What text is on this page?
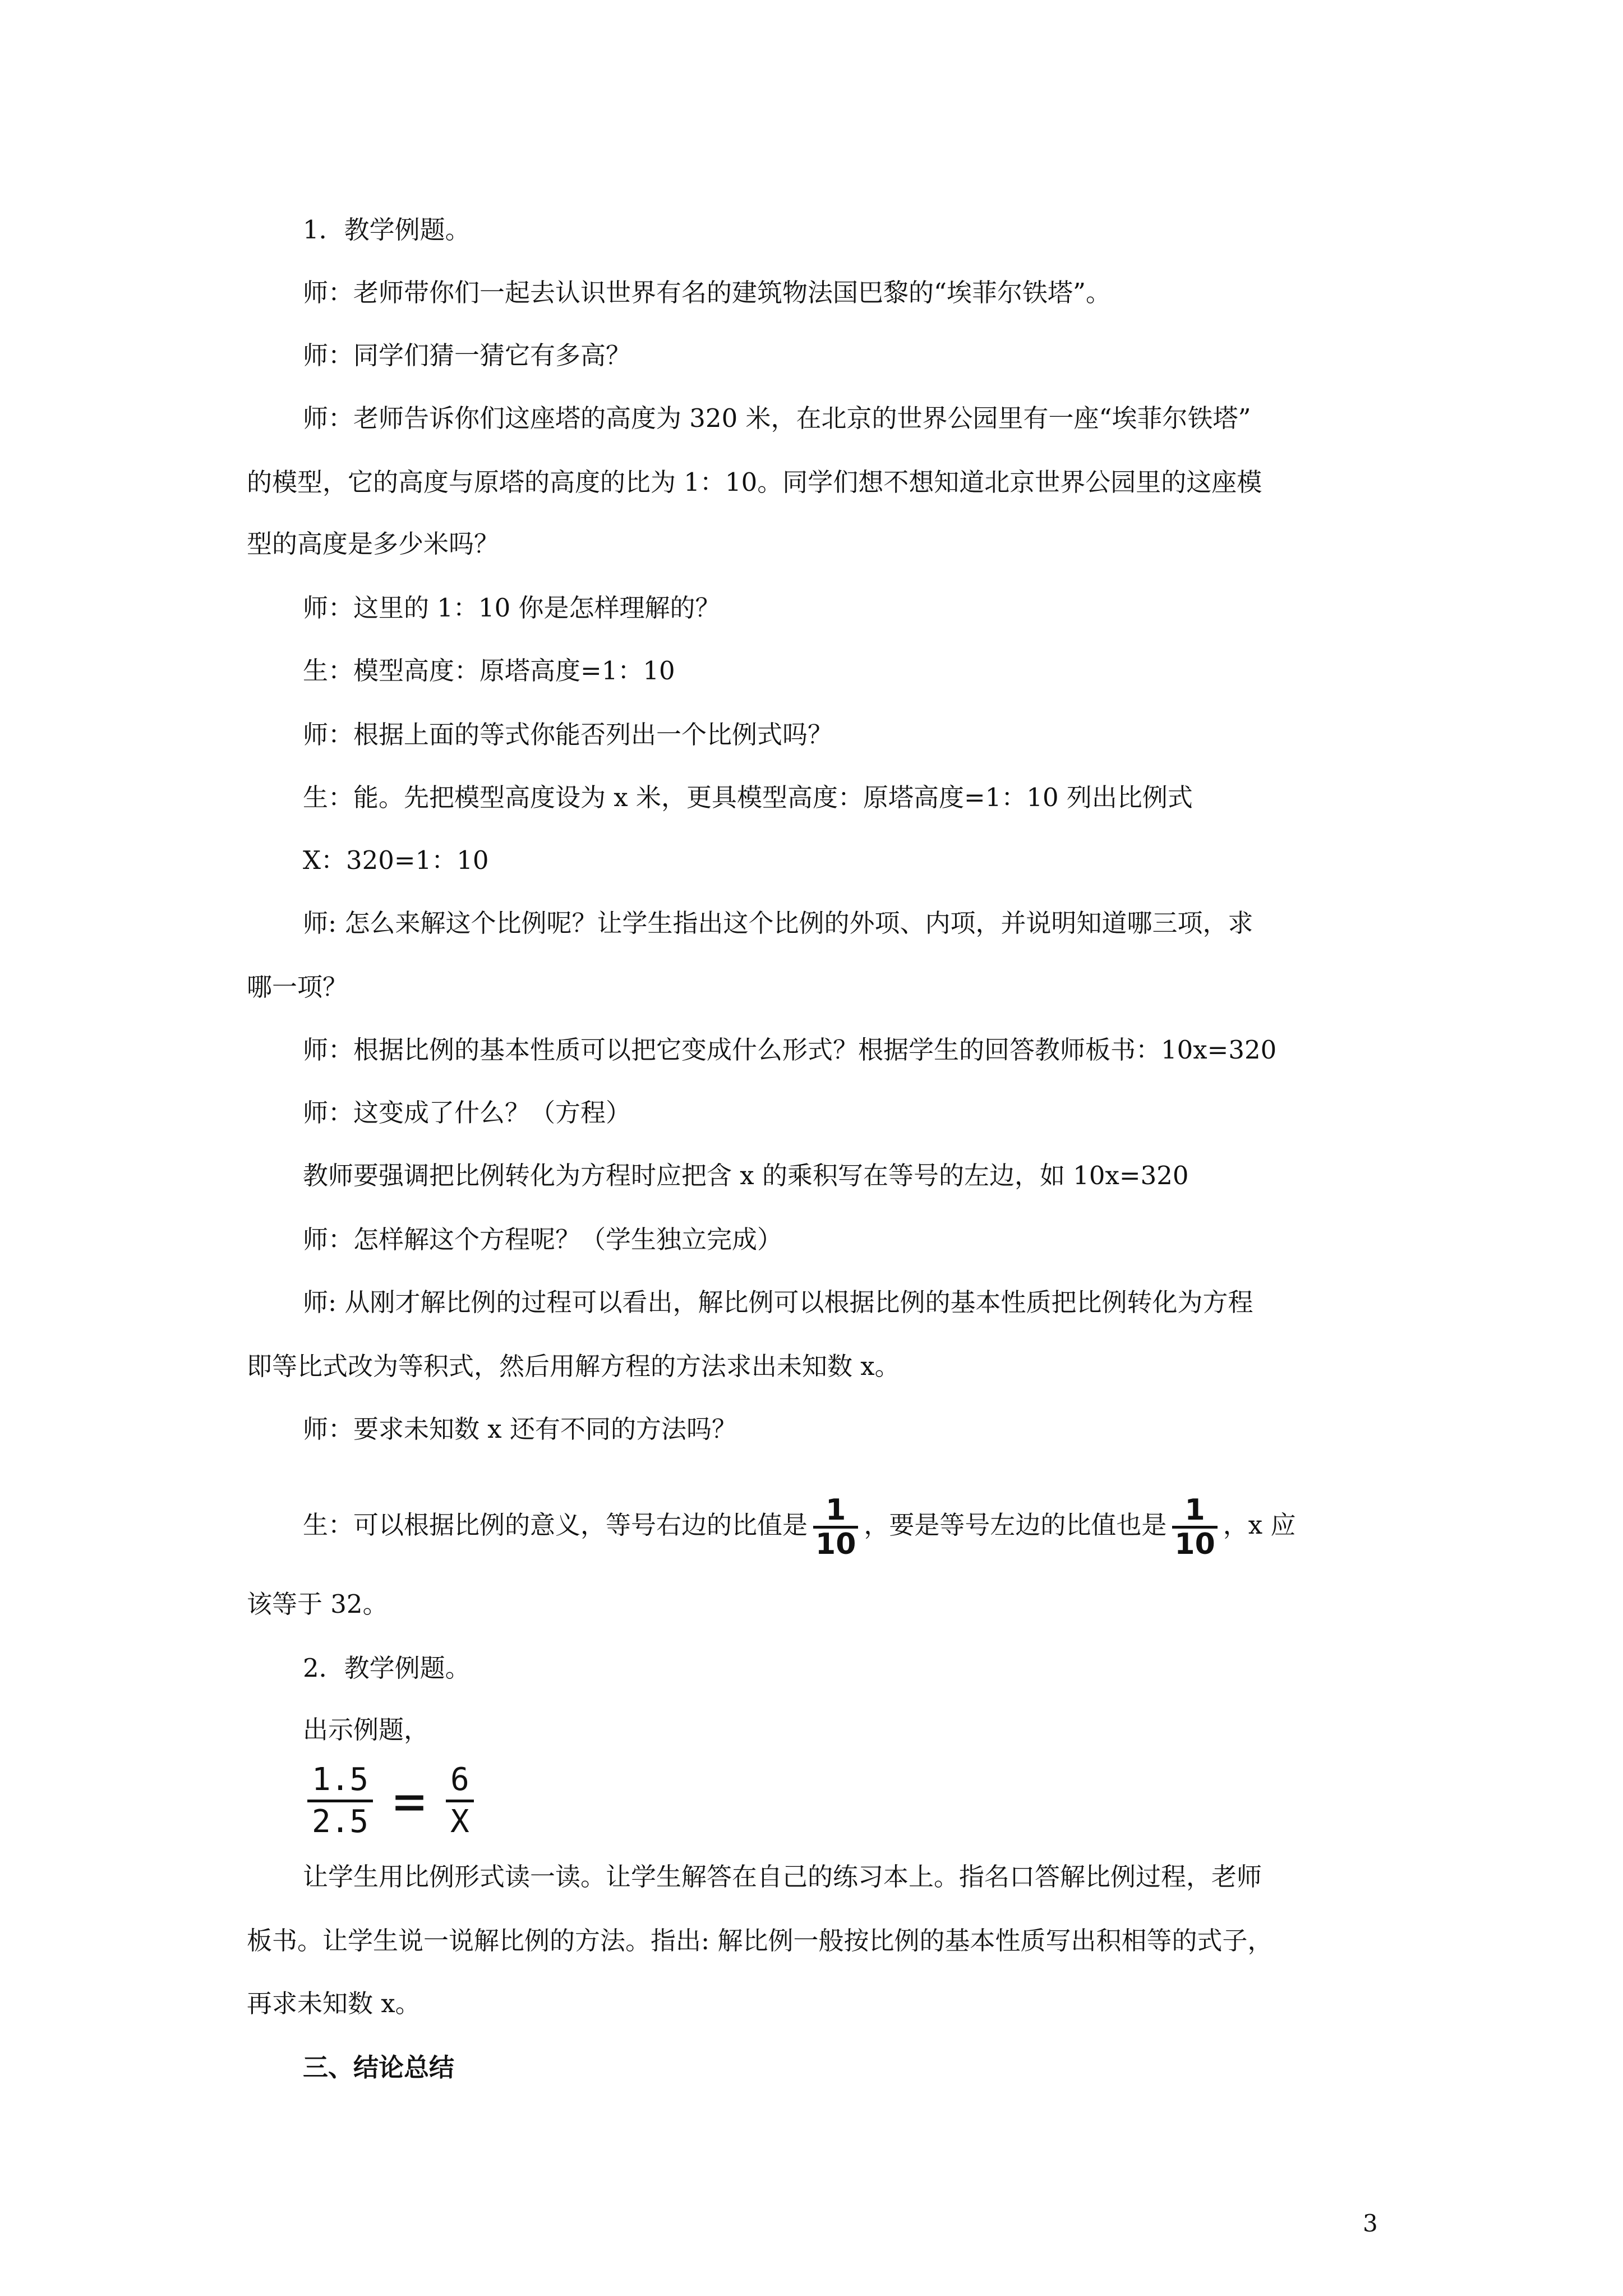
1．教学例题。
师：老师带你们一起去认识世界有名的建筑物法国巴黎的“埃菲尔铁塔”。
师：同学们猜一猜它有多高？
师：老师告诉你们这座塔的高度为 320 米，在北京的世界公园里有一座“埃菲尔铁塔”
的模型，它的高度与原塔的高度的比为 1：10。同学们想不想知道北京世界公园里的这座模
型的高度是多少米吗？
师：这里的 1：10 你是怎样理解的？
生：模型高度：原塔高度=1：10
师：根据上面的等式你能否列出一个比例式吗？
生：能。先把模型高度设为 x 米，更具模型高度：原塔高度=1：10 列出比例式
X：320=1：10
师: 怎么来解这个比例呢？让学生指出这个比例的外项、内项，并说明知道哪三项，求
哪一项？
师：根据比例的基本性质可以把它变成什么形式？根据学生的回答教师板书：10x=320
师：这变成了什么？（方程）
教师要强调把比例转化为方程时应把含 x 的乘积写在等号的左边，如 10x=320
师：怎样解这个方程呢？（学生独立完成）
师: 从刚才解比例的过程可以看出，解比例可以根据比例的基本性质把比例转化为方程
即等比式改为等积式，然后用解方程的方法求出未知数 x。
师：要求未知数 x 还有不同的方法吗？
生：可以根据比例的意义，等号右边的比值是 $\frac{1}{10}$ ，要是等号左边的比值也是 $\frac{1}{10}$ ，x 应
该等于 32。
2．教学例题。
出示例题，
$\frac{1.5}{2.5} = \frac{6}{X}$
让学生用比例形式读一读。让学生解答在自己的练习本上。指名口答解比例过程，老师
板书。让学生说一说解比例的方法。指出: 解比例一般按比例的基本性质写出积相等的式子，
再求未知数 x。
三、结论总结
3
